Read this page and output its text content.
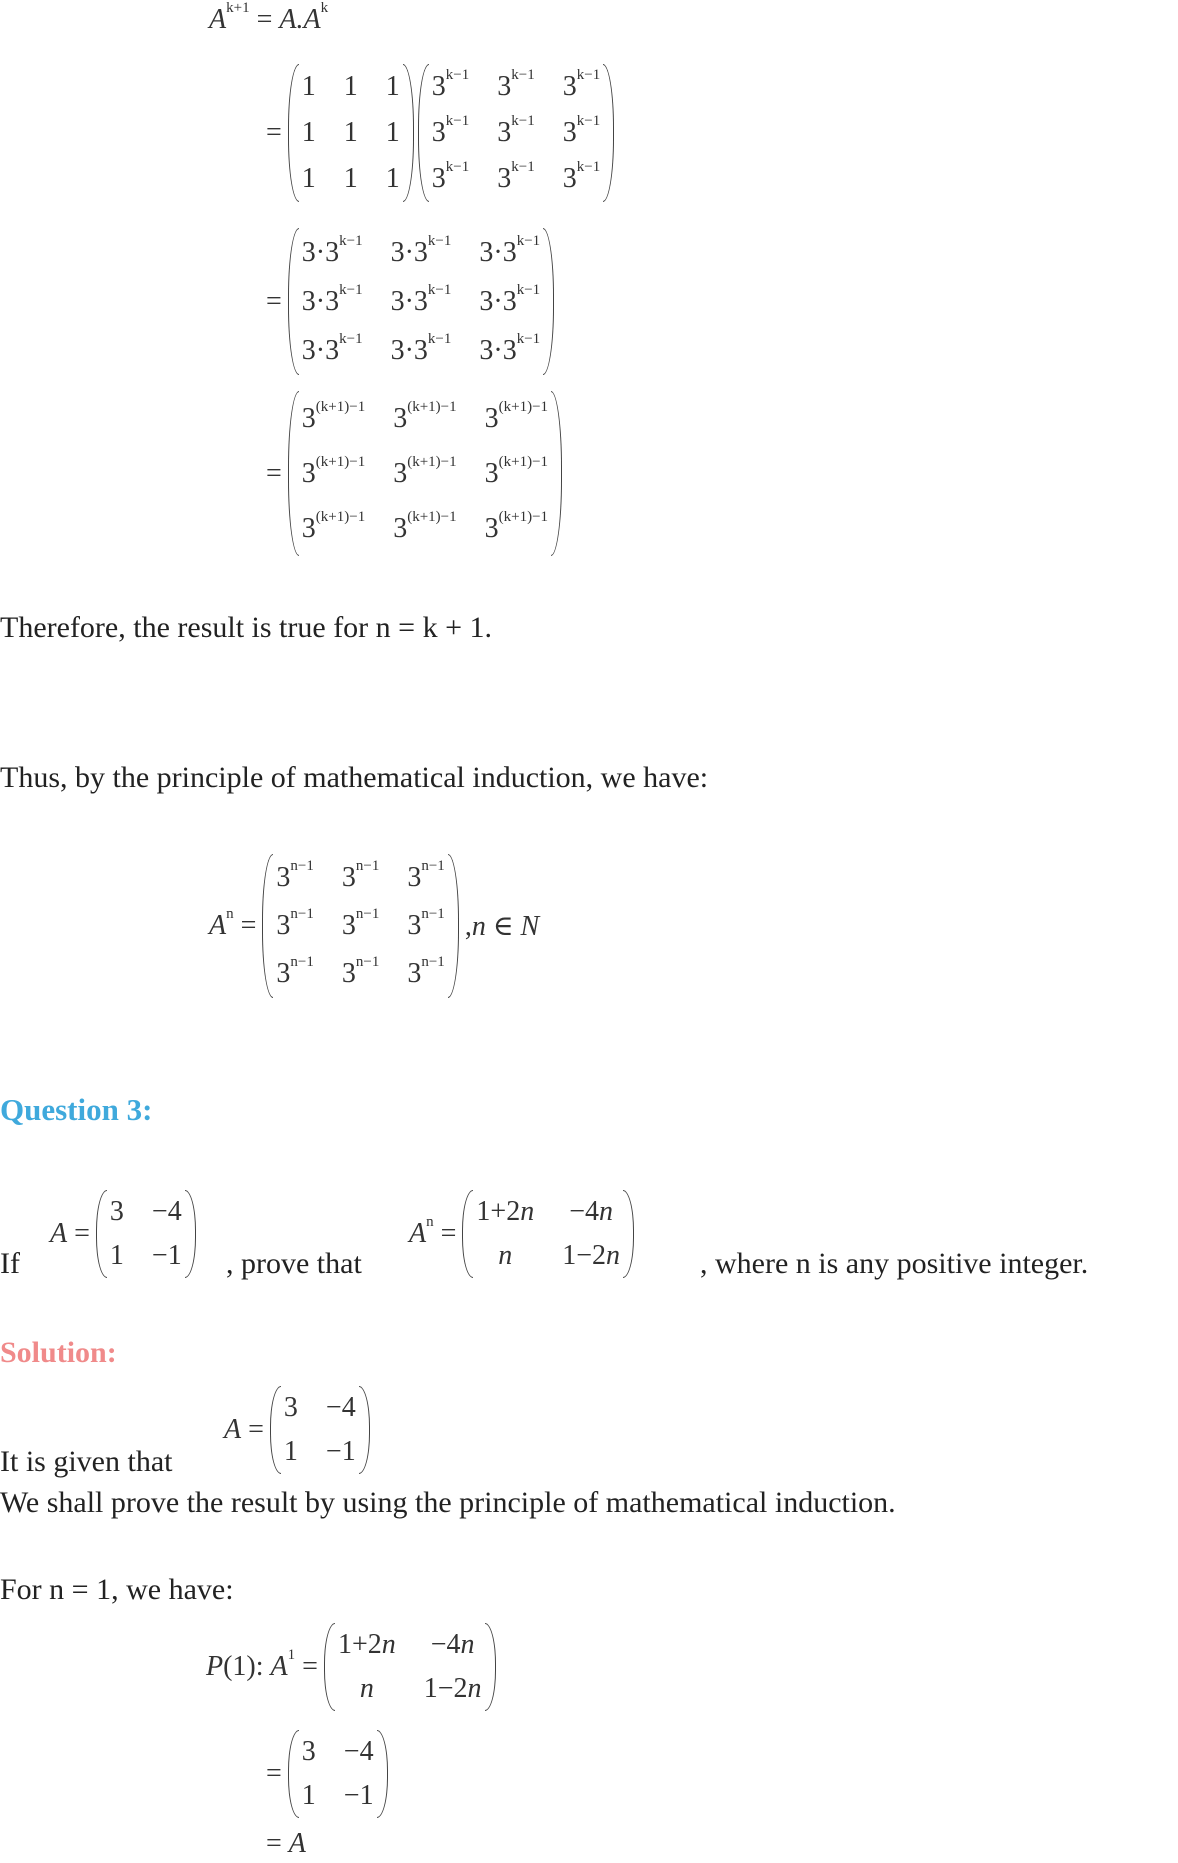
$A^{k+1} = A.A^k$
=
1 1 1
1 1 1
1 1 1
$3^{k-1}$ $3^{k-1}$ $3^{k-1}$
$3^{k-1}$ $3^{k-1}$ $3^{k-1}$
$3^{k-1}$ $3^{k-1}$ $3^{k-1}$
=
$3\cdot 3^{k-1}$ $3\cdot 3^{k-1}$ $3\cdot 3^{k-1}$
$3\cdot 3^{k-1}$ $3\cdot 3^{k-1}$ $3\cdot 3^{k-1}$
$3\cdot 3^{k-1}$ $3\cdot 3^{k-1}$ $3\cdot 3^{k-1}$
=
$3^{(k+1)-1}$ $3^{(k+1)-1}$ $3^{(k+1)-1}$
$3^{(k+1)-1}$ $3^{(k+1)-1}$ $3^{(k+1)-1}$
$3^{(k+1)-1}$ $3^{(k+1)-1}$ $3^{(k+1)-1}$
Therefore, the result is true for n = k + 1.
Thus, by the principle of mathematical induction, we have:
$A^n$ =
$3^{n-1}$ $3^{n-1}$ $3^{n-1}$
$3^{n-1}$ $3^{n-1}$ $3^{n-1}$
$3^{n-1}$ $3^{n-1}$ $3^{n-1}$
,n ∈ N
Question 3:
If
A =
3 −4
1 −1 , prove that
$A^n$ =
1+2n −4n
n	1−2n	, where n is any positive integer.
Solution:
A =
3 −4
1 −1
It is given that
We shall prove the result by using the principle of mathematical induction.
For n = 1, we have:
P(1): $A^1$ =
1+2n −4n
n	1−2n
=
3 −4
1 −1
= A
